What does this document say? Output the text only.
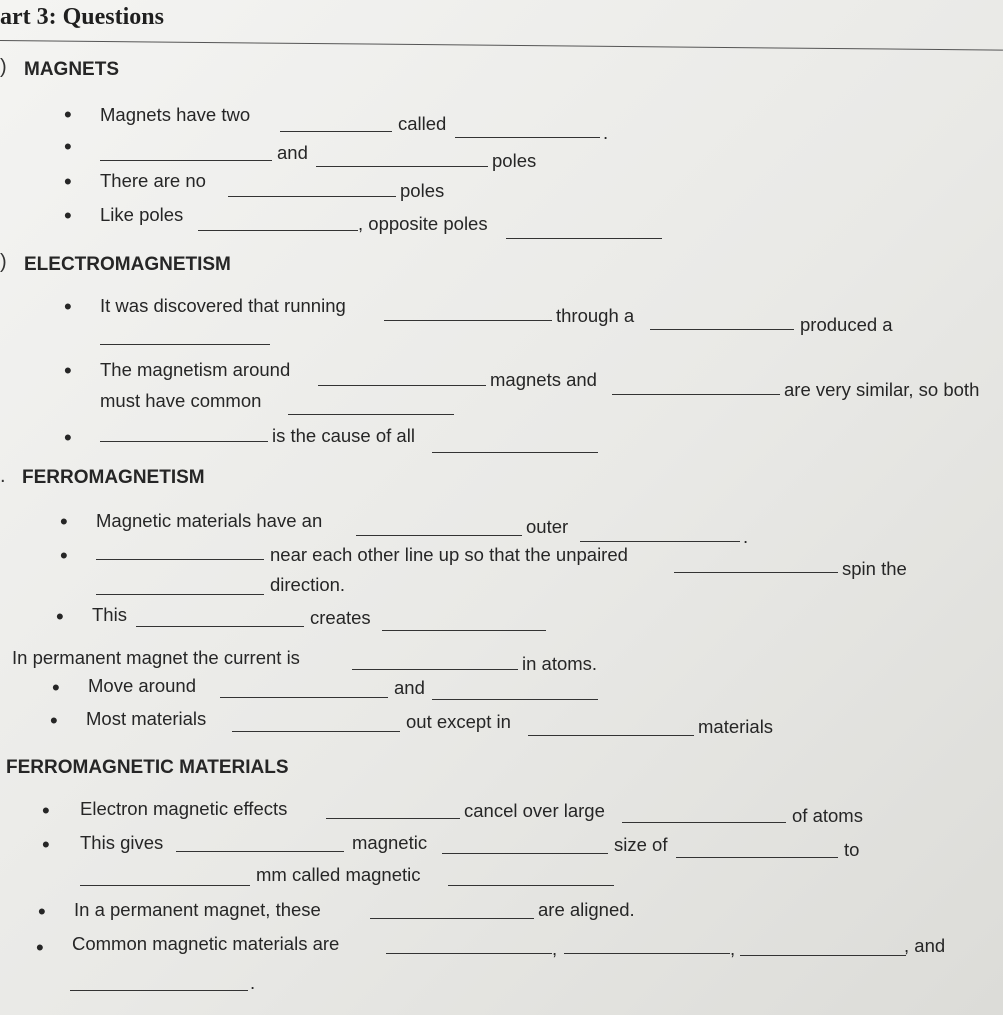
art 3: Questions
) MAGNETS
• Magnets have two	called	.
•	and	poles
• There are no	poles
• Like poles	, opposite poles
) ELECTROMAGNETISM
• It was discovered that running	through a	produced a
• The magnetism around	magnets and	are very similar, so both
must have common
•	is the cause of all
. FERROMAGNETISM
• Magnetic materials have an	outer	.
•	near each other line up so that the unpaired
spin the
direction.
• This	creates
In permanent magnet the current is	in atoms.
• Move around	and
• Most materials	out except in	materials
FERROMAGNETIC MATERIALS
• Electron magnetic effects	cancel over large	of atoms
• This gives	magnetic	size of	to
mm called magnetic
• In a permanent magnet, these	are aligned.
• Common magnetic materials are	,	,	, and
.
